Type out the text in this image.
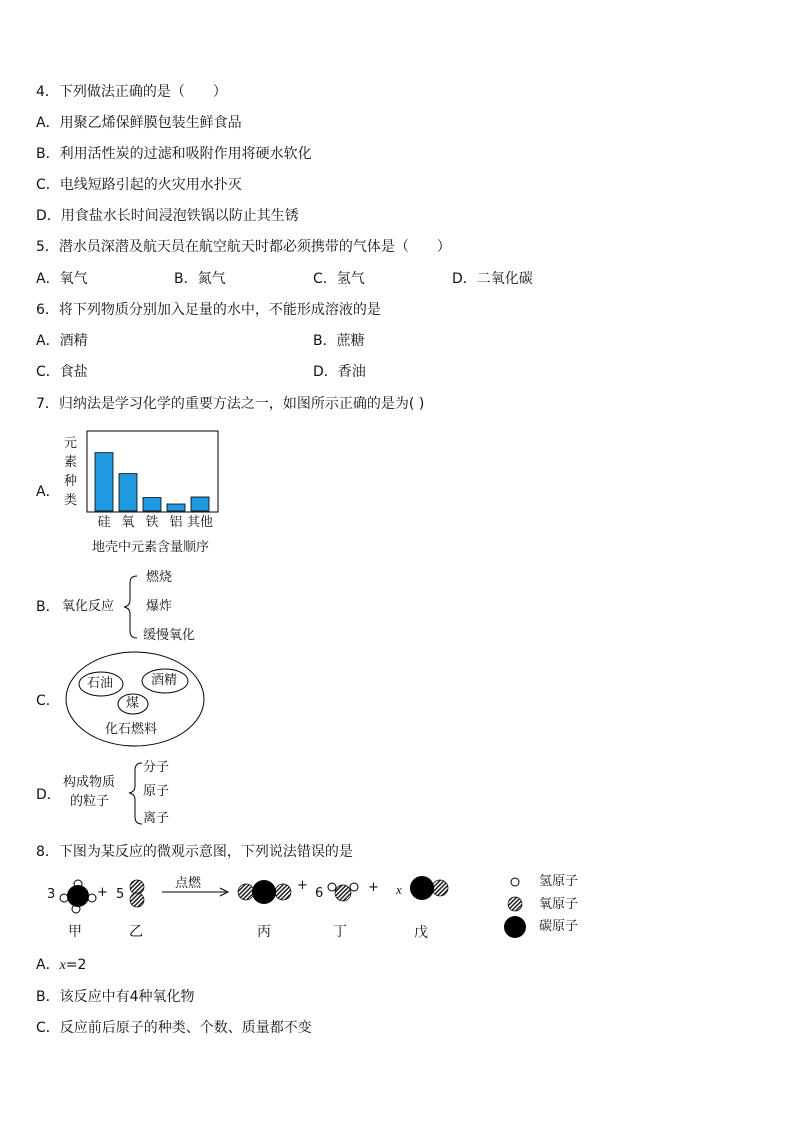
4．下列做法正确的是（　　）
A．用聚乙烯保鲜膜包装生鲜食品
B．利用活性炭的过滤和吸附作用将硬水软化
C．电线短路引起的火灾用水扑灭
D．用食盐水长时间浸泡铁锅以防止其生锈
5．潜水员深潜及航天员在航空航天时都必须携带的气体是（　　）
A．氧气	B．氮气	C．氢气	D．二氧化碳
6．将下列物质分别加入足量的水中，不能形成溶液的是
A．酒精	B．蔗糖
C．食盐	D．香油
7．归纳法是学习化学的重要方法之一，如图所示正确的是为( )
A．
元
素
种
类
硅 氧 铁 铝 其他
地壳中元素含量顺序
B． 氧化反应
燃烧
爆炸
缓慢氧化
C．
石油	酒精
煤
化石燃料
D．
构成物质
的粒子
分子
原子
离子
8．下图为某反应的微观示意图，下列说法错误的是
3	+ 5
点燃	+
6	+ x
氢原子
氧原子
碳原子
甲	乙	丙	丁	戊
A．x=2
B．该反应中有4种氧化物
C．反应前后原子的种类、个数、质量都不变
